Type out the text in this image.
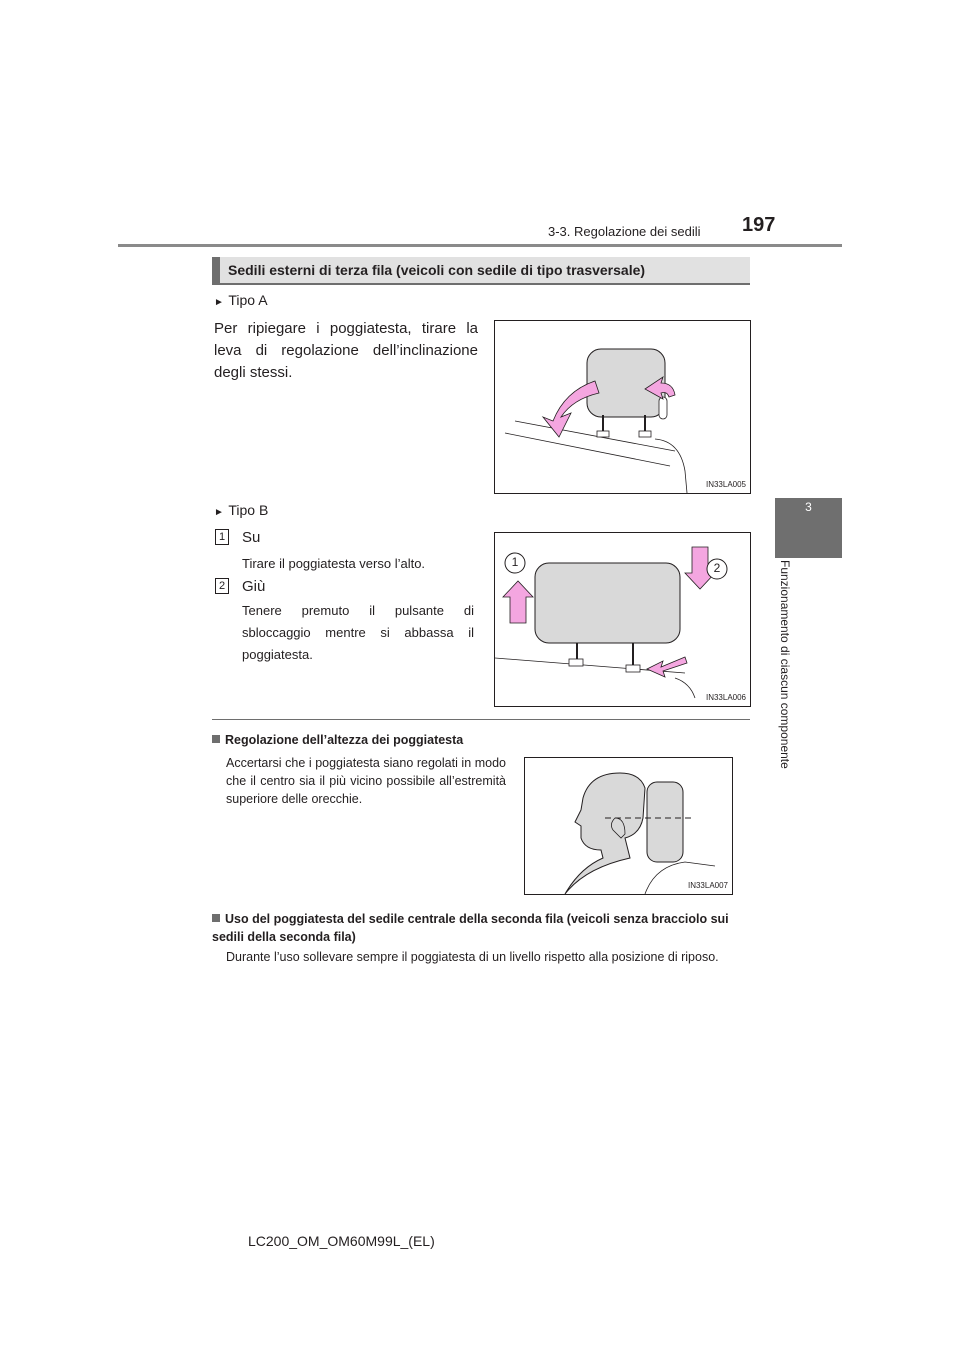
3-3. Regolazione dei sedili 197
3
Funzionamento di ciascun componente
Sedili esterni di terza fila (veicoli con sedile di tipo trasversale)
► Tipo A
Per ripiegare i poggiatesta, tirare la leva di regolazione dell’inclinazione degli stessi.
IN33LA005
► Tipo B
1 Su
Tirare il poggiatesta verso l’alto.
2 Giù
Tenere premuto il pulsante di sbloccaggio mentre si abbassa il poggiatesta.
1	2
IN33LA006
Regolazione dell’altezza dei poggiatesta
Accertarsi che i poggiatesta siano regolati in modo che il centro sia il più vicino possibile all’estremità superiore delle orecchie.
IN33LA007
Uso del poggiatesta del sedile centrale della seconda fila (veicoli senza bracciolo sui sedili della seconda fila)
Durante l’uso sollevare sempre il poggiatesta di un livello rispetto alla posizione di riposo.
LC200_OM_OM60M99L_(EL)
